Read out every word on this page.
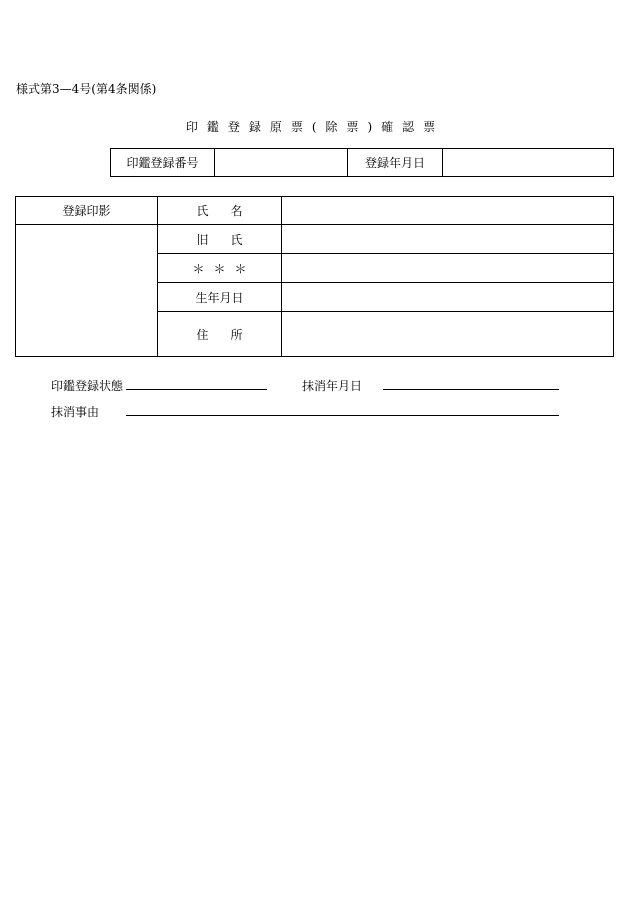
様式第3—4号(第4条関係)
印鑑登録原票(除票)確認票
印鑑登録番号		登録年月日	
登録印影	氏名	
	旧氏	
	＊＊＊	
	生年月日	
	住所	
印鑑登録状態	抹消年月日
抹消事由
